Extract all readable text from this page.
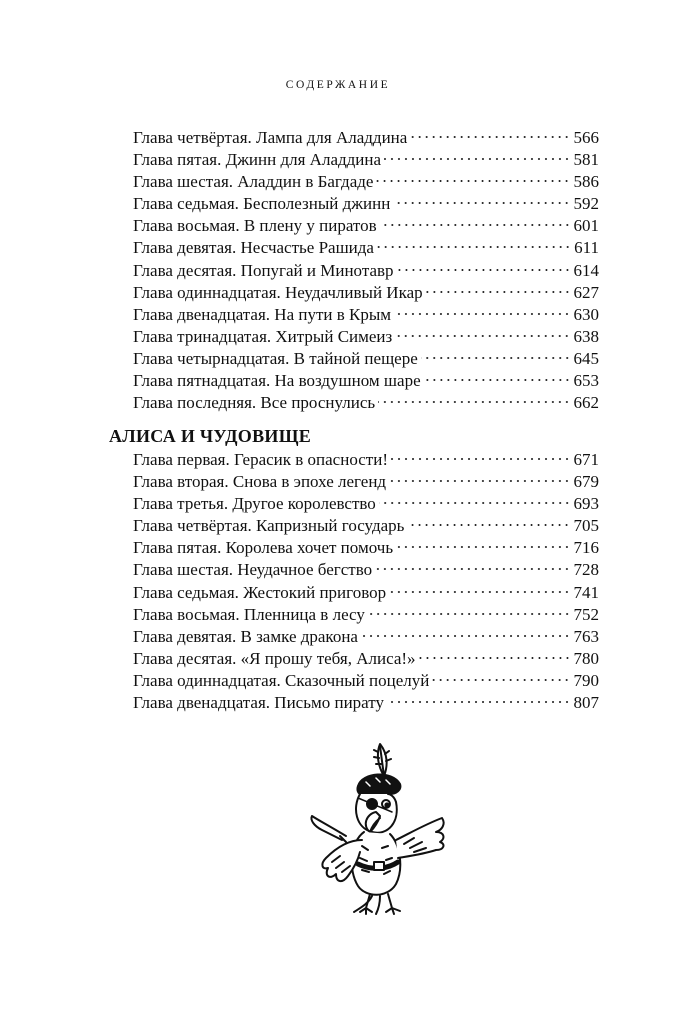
СОДЕРЖАНИЕ
Глава четвёртая. Лампа для Аладдина	566
Глава пятая. Джинн для Аладдина	581
Глава шестая. Аладдин в Багдаде	586
Глава седьмая. Бесполезный джинн	592
Глава восьмая. В плену у пиратов	601
Глава девятая. Несчастье Рашида	611
Глава десятая. Попугай и Минотавр	614
Глава одиннадцатая. Неудачливый Икар	627
Глава двенадцатая. На пути в Крым	630
Глава тринадцатая. Хитрый Симеиз	638
Глава четырнадцатая. В тайной пещере	645
Глава пятнадцатая. На воздушном шаре	653
Глава последняя. Все проснулись	662
АЛИСА И ЧУДОВИЩЕ
Глава первая. Герасик в опасности!	671
Глава вторая. Снова в эпохе легенд	679
Глава третья. Другое королевство	693
Глава четвёртая. Капризный государь	705
Глава пятая. Королева хочет помочь	716
Глава шестая. Неудачное бегство	728
Глава седьмая. Жестокий приговор	741
Глава восьмая. Пленница в лесу	752
Глава девятая. В замке дракона	763
Глава десятая. «Я прошу тебя, Алиса!»	780
Глава одиннадцатая. Сказочный поцелуй	790
Глава двенадцатая. Письмо пирату	807
